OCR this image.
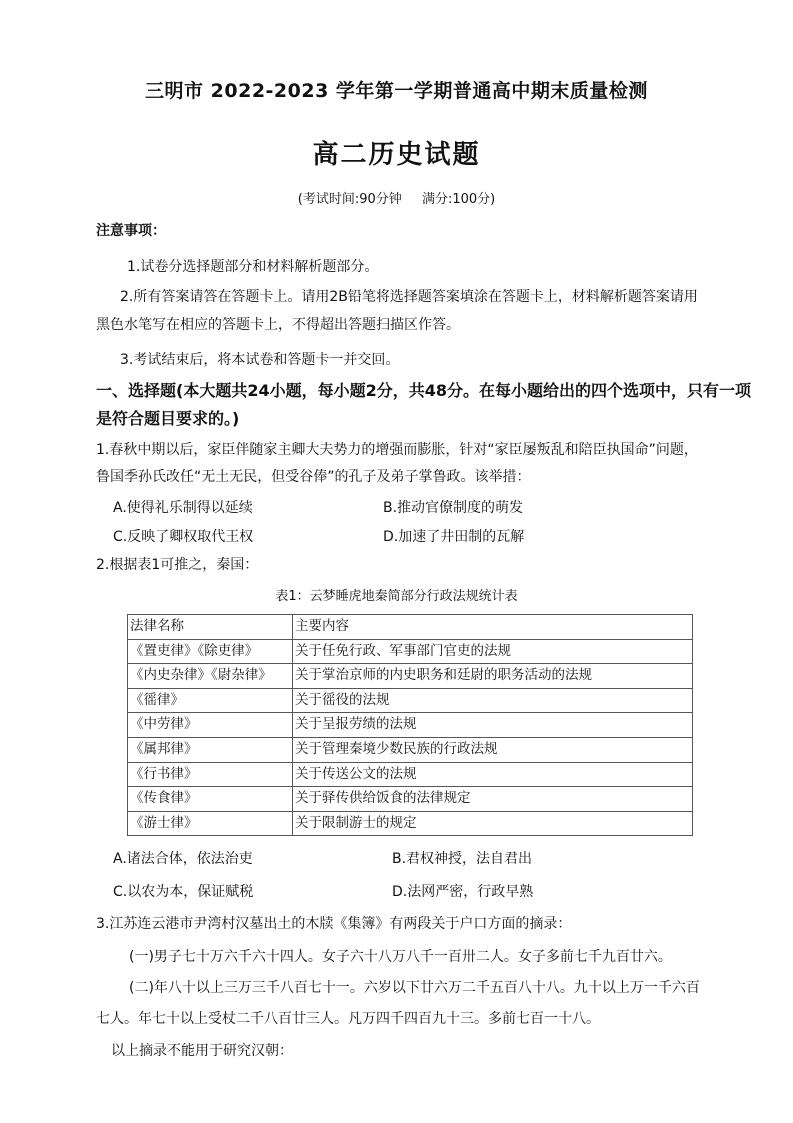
三明市 2022-2023 学年第一学期普通高中期末质量检测
高二历史试题
(考试时间:90分钟 满分:100分)
注意事项：
1.试卷分选择题部分和材料解析题部分。
2.所有答案请答在答题卡上。请用2B铅笔将选择题答案填涂在答题卡上，材料解析题答案请用
黑色水笔写在相应的答题卡上，不得超出答题扫描区作答。
3.考试结束后，将本试卷和答题卡一并交回。
一、选择题(本大题共24小题，每小题2分，共48分。在每小题给出的四个选项中，只有一项
是符合题目要求的。)
1.春秋中期以后，家臣伴随家主卿大夫势力的增强而膨胀，针对“家臣屡叛乱和陪臣执国命”问题，
鲁国季孙氏改任“无土无民，但受谷俸”的孔子及弟子掌鲁政。该举措：
A.使得礼乐制得以延续	B.推动官僚制度的萌发
C.反映了卿权取代王权	D.加速了井田制的瓦解
2.根据表1可推之，秦国：
表1：云梦睡虎地秦简部分行政法规统计表
法律名称	主要内容
《置吏律》《除吏律》	关于任免行政、军事部门官吏的法规
《内史杂律》《尉杂律》	关于掌治京师的内史职务和廷尉的职务活动的法规
《徭律》	关于徭役的法规
《中劳律》	关于呈报劳绩的法规
《属邦律》	关于管理秦境少数民族的行政法规
《行书律》	关于传送公文的法规
《传食律》	关于驿传供给饭食的法律规定
《游士律》	关于限制游士的规定
A.诸法合体，依法治吏	B.君权神授，法自君出
C.以农为本，保证赋税	D.法网严密，行政早熟
3.江苏连云港市尹湾村汉墓出土的木牍《集簿》有两段关于户口方面的摘录：
(一)男子七十万六千六十四人。女子六十八万八千一百卅二人。女子多前七千九百廿六。
(二)年八十以上三万三千八百七十一。六岁以下廿六万二千五百八十八。九十以上万一千六百
七人。年七十以上受杖二千八百廿三人。凡万四千四百九十三。多前七百一十八。
以上摘录不能用于研究汉朝：
